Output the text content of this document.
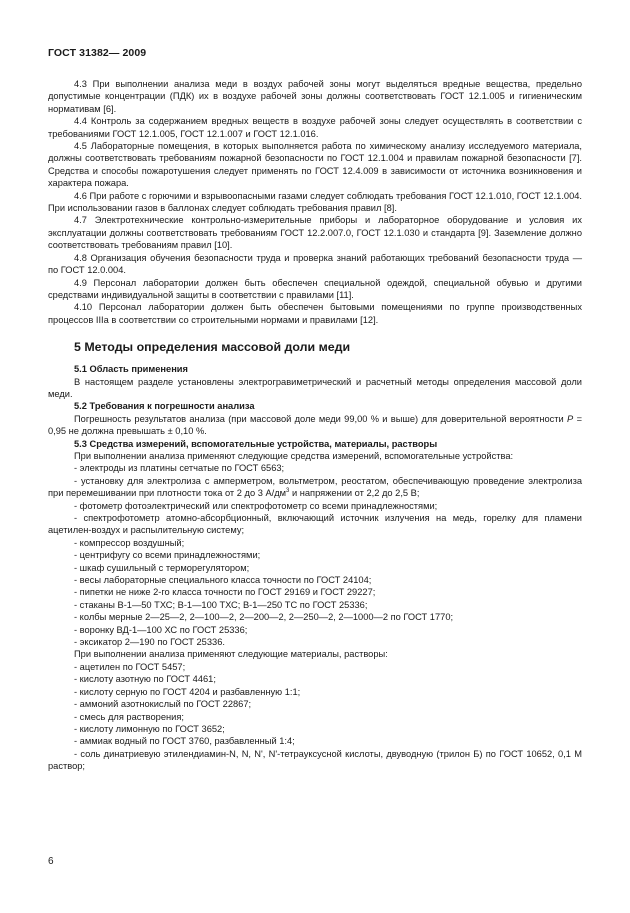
ГОСТ 31382— 2009

4.3 При выполнении анализа меди в воздух рабочей зоны могут выделяться вредные вещества, предельно допустимые концентрации (ПДК) их в воздухе рабочей зоны должны соответствовать ГОСТ 12.1.005 и гигиеническим нормативам [6].

4.4 Контроль за содержанием вредных веществ в воздухе рабочей зоны следует осуществлять в соответствии с требованиями ГОСТ 12.1.005, ГОСТ 12.1.007 и ГОСТ 12.1.016.

4.5 Лабораторные помещения, в которых выполняется работа по химическому анализу исследуемого материала, должны соответствовать требованиям пожарной безопасности по ГОСТ 12.1.004 и правилам пожарной безопасности [7]. Средства и способы пожаротушения следует применять по ГОСТ 12.4.009 в зависимости от источника возникновения и характера пожара.

4.6 При работе с горючими и взрывоопасными газами следует соблюдать требования ГОСТ 12.1.010, ГОСТ 12.1.004. При использовании газов в баллонах следует соблюдать требования правил [8].

4.7 Электротехнические контрольно-измерительные приборы и лабораторное оборудование и условия их эксплуатации должны соответствовать требованиям ГОСТ 12.2.007.0, ГОСТ 12.1.030 и стандарта [9]. Заземление должно соответствовать требованиям правил [10].

4.8 Организация обучения безопасности труда и проверка знаний работающих требований безопасности труда — по ГОСТ 12.0.004.

4.9 Персонал лаборатории должен быть обеспечен специальной одеждой, специальной обувью и другими средствами индивидуальной защиты в соответствии с правилами [11].

4.10 Персонал лаборатории должен быть обеспечен бытовыми помещениями по группе производственных процессов IIIа в соответствии со строительными нормами и правилами [12].

5 Методы определения массовой доли меди
5.1 Область применения

В настоящем разделе установлены электрогравиметрический и расчетный методы определения массовой доли меди.

5.2 Требования к погрешности анализа

Погрешность результатов анализа (при массовой доле меди 99,00 % и выше) для доверительной вероятности P = 0,95 не должна превышать ± 0,10 %.

5.3 Средства измерений, вспомогательные устройства, материалы, растворы

При выполнении анализа применяют следующие средства измерений, вспомогательные устройства:

- электроды из платины сетчатые по ГОСТ 6563;

- установку для электролиза с амперметром, вольтметром, реостатом, обеспечивающую проведение электролиза при перемешивании при плотности тока от 2 до 3 $А/дм^3$ и напряжении от 2,2 до 2,5 В;

- фотометр фотоэлектрический или спектрофотометр со всеми принадлежностями;

- спектрофотометр атомно-абсорбционный, включающий источник излучения на медь, горелку для пламени ацетилен-воздух и распылительную систему;

- компрессор воздушный;

- центрифугу со всеми принадлежностями;

- шкаф сушильный с терморегулятором;

- весы лабораторные специального класса точности по ГОСТ 24104;

- пипетки не ниже 2-го класса точности по ГОСТ 29169 и ГОСТ 29227;

- стаканы В-1—50 ТХС; В-1—100 ТХС; В-1—250 ТС по ГОСТ 25336;

- колбы мерные 2—25—2, 2—100—2, 2—200—2, 2—250—2, 2—1000—2 по ГОСТ 1770;

- воронку ВД-1—100 ХС по ГОСТ 25336;

- эксикатор 2—190 по ГОСТ 25336.

При выполнении анализа применяют следующие материалы, растворы:

- ацетилен по ГОСТ 5457;

- кислоту азотную по ГОСТ 4461;

- кислоту серную по ГОСТ 4204 и разбавленную 1:1;

- аммоний азотнокислый по ГОСТ 22867;

- смесь для растворения;

- кислоту лимонную по ГОСТ 3652;

- аммиак водный по ГОСТ 3760, разбавленный 1:4;

- соль динатриевую этилендиамин-N, N, N', N'-тетрауксусной кислоты, двуводную (трилон Б) по ГОСТ 10652, 0,1 М раствор;

6
